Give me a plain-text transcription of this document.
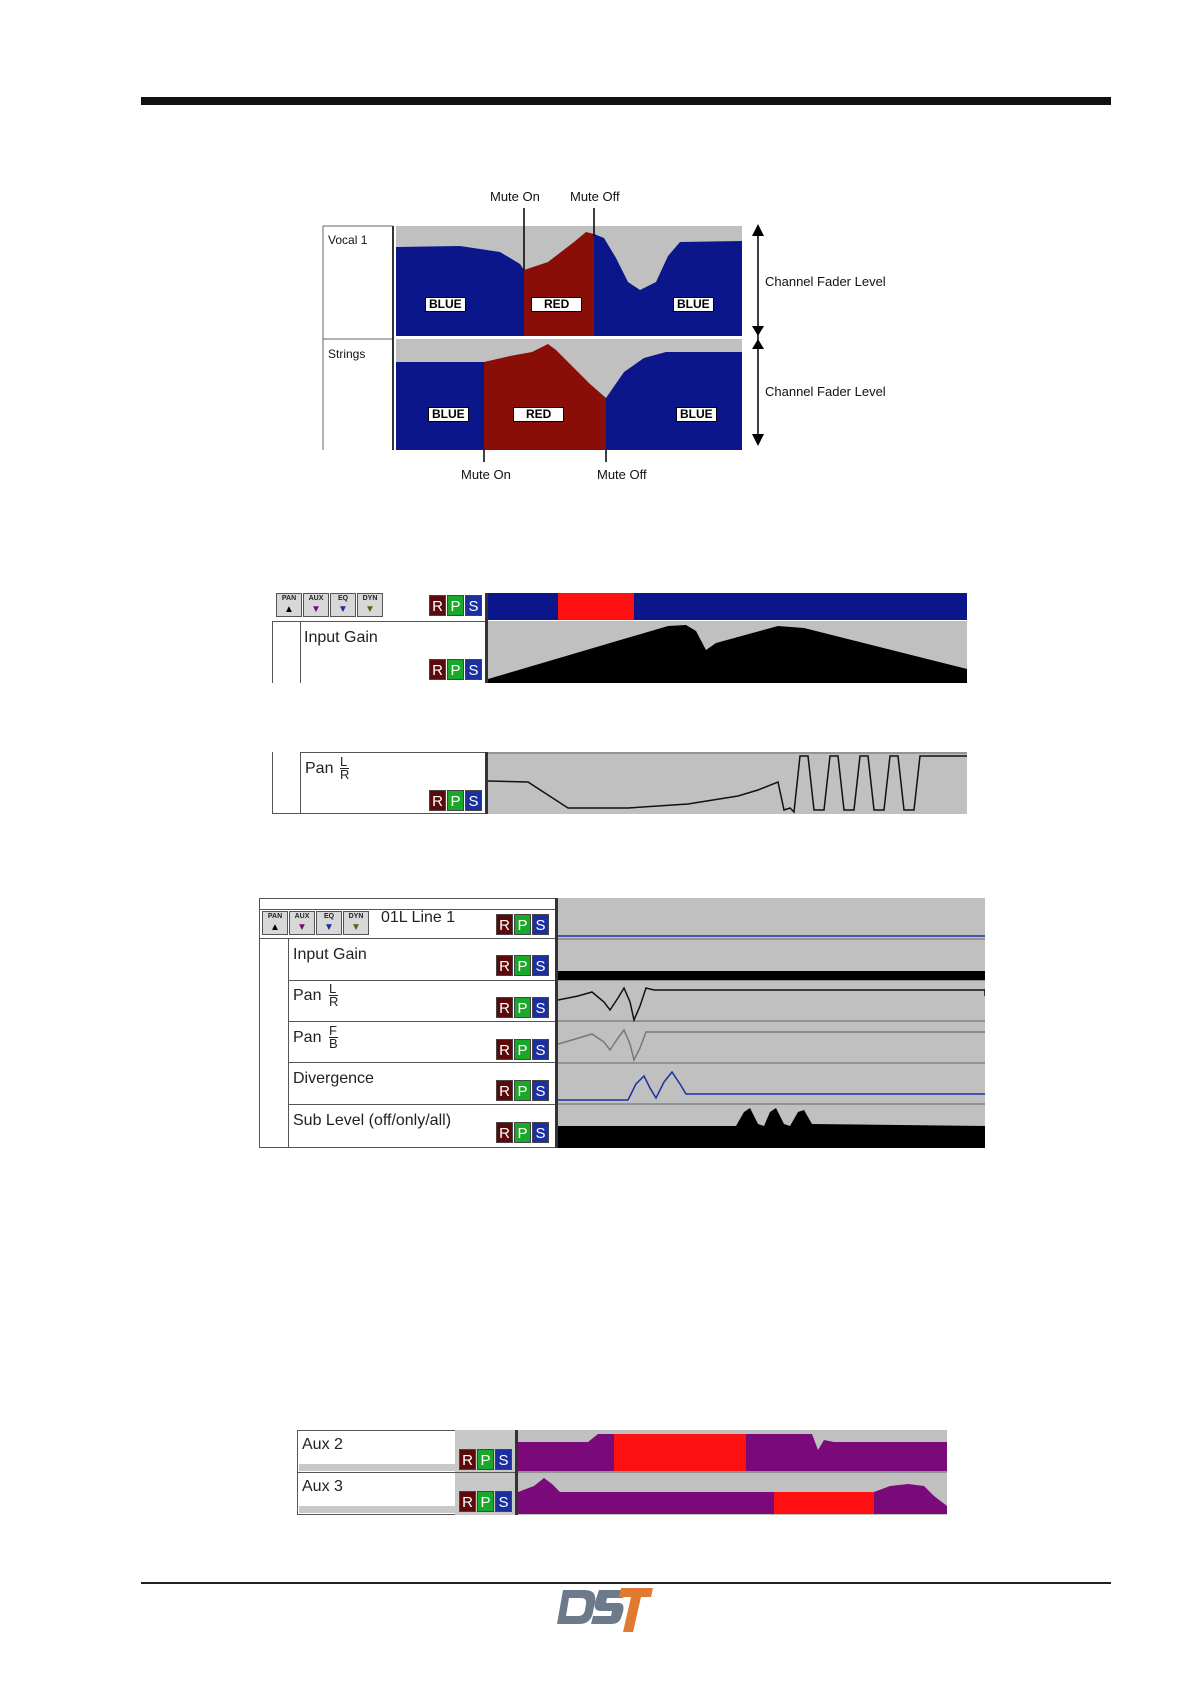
Mute On Mute Off
Mute On	Mute Off
Vocal 1
Strings
Channel Fader Level
Channel Fader Level
BLUE	RED	BLUE
BLUE	RED	BLUE
PAN
▲
AUX
▼
EQ
▼
DYN
▼	R P S
Input Gain
R P S
Pan L
R
R P S
PAN
▲
AUX
▼
EQ
▼
DYN
▼
01L Line 1	R P S
Input Gain
Pan L
R
Pan F
B
Divergence
Sub Level (off/only/all)
R P S
R P S
R P S
R P S
R P S
Aux 2
Aux 3
R P S
R P S
